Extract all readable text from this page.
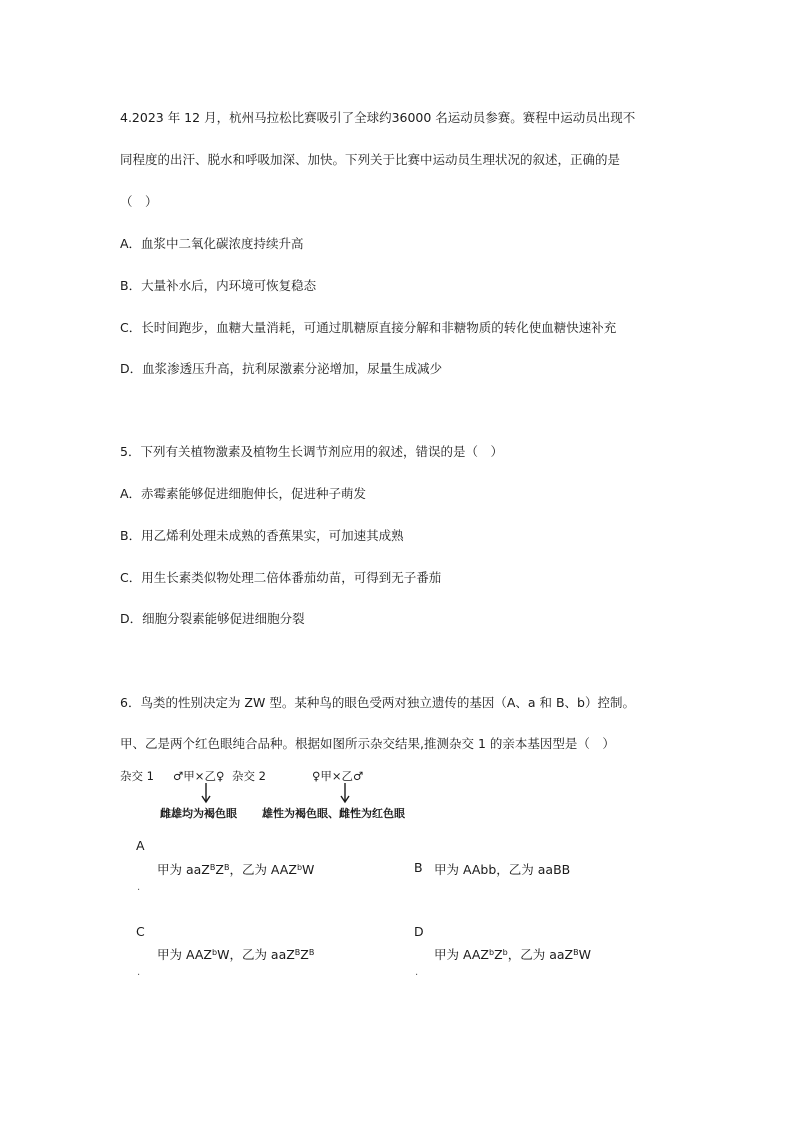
4.2023 年 12 月，杭州马拉松比赛吸引了全球约36000 名运动员参赛。赛程中运动员出现不
同程度的出汗、脱水和呼吸加深、加快。下列关于比赛中运动员生理状况的叙述，正确的是
（　）
A．血浆中二氧化碳浓度持续升高
B．大量补水后，内环境可恢复稳态
C．长时间跑步，血糖大量消耗，可通过肌糖原直接分解和非糖物质的转化使血糖快速补充
D．血浆渗透压升高，抗利尿激素分泌增加，尿量生成减少
5．下列有关植物激素及植物生长调节剂应用的叙述，错误的是（　）
A．赤霉素能够促进细胞伸长，促进种子萌发
B．用乙烯利处理未成熟的香蕉果实，可加速其成熟
C．用生长素类似物处理二倍体番茄幼苗，可得到无子番茄
D．细胞分裂素能够促进细胞分裂
6．鸟类的性别决定为 ZW 型。某种鸟的眼色受两对独立遗传的基因（A、a 和 B、b）控制。
甲、乙是两个红色眼纯合品种。根据如图所示杂交结果,推测杂交 1 的亲本基因型是（　）
杂交 1 ♂甲×乙♀
雌雄均为褐色眼
杂交 2	♀甲×乙♂
雄性为褐色眼、雌性为红色眼
A
甲为 $aaZ^BZ^B$，乙为 AAZ$^b$W
.
B 甲为 AAbb，乙为 aaBB
C
甲为 AAZ$^b$W，乙为 $aaZ^BZ^B$
.
D
甲为 $AAZ^bZ^b$，乙为 aaZ$^B$W
.
